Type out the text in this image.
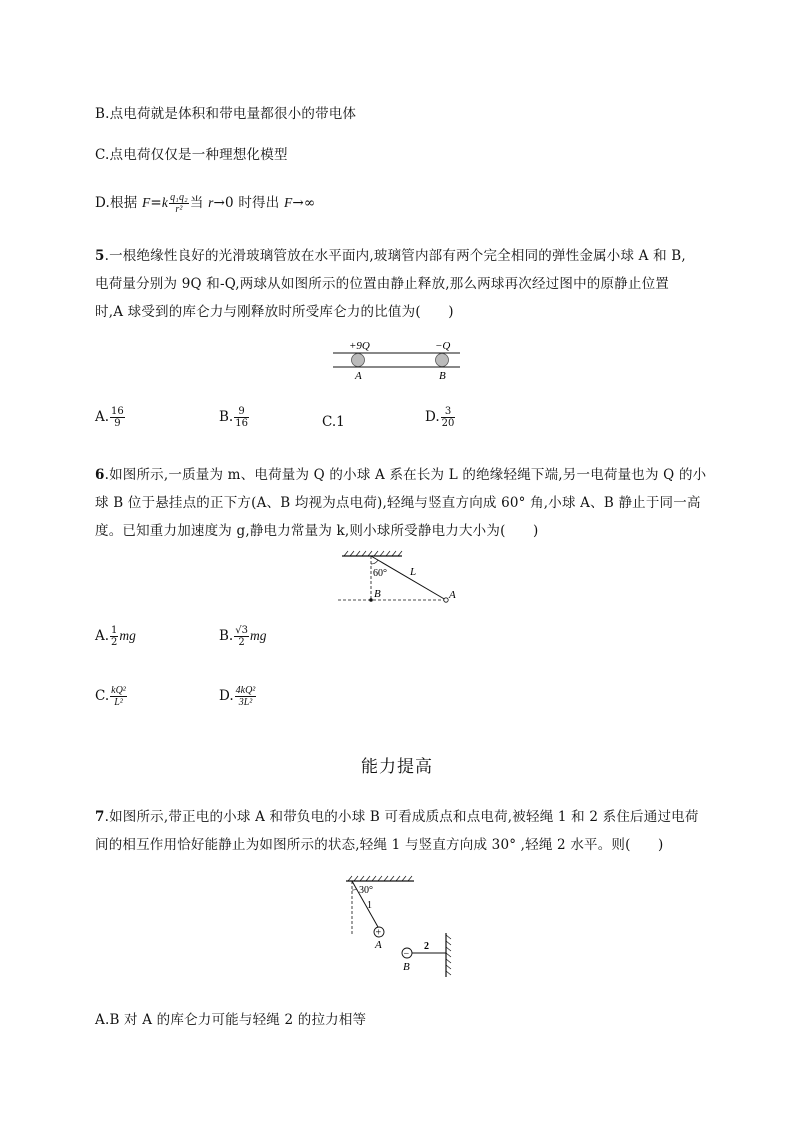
B.点电荷就是体积和带电量都很小的带电体
C.点电荷仅仅是一种理想化模型
D.根据 $F=k \frac{\text{q₁q₂}}{\text{r²}}$ 当 r→0 时得出 F→∞
5.一根绝缘性良好的光滑玻璃管放在水平面内,玻璃管内部有两个完全相同的弹性金属小球 A 和 B,
电荷量分别为 9Q 和-Q,两球从如图所示的位置由静止释放,那么两球再次经过图中的原静止位置
时,A 球受到的库仑力与刚释放时所受库仑力的比值为(　　)
+9Q	−Q
A	B
A. $\frac{16}{9}$	B. $\frac{9}{16}$	C.1	D. $\frac{3}{20}$
6.如图所示,一质量为 m、电荷量为 Q 的小球 A 系在长为 L 的绝缘轻绳下端,另一电荷量也为 Q 的小
球 B 位于悬挂点的正下方(A、B 均视为点电荷),轻绳与竖直方向成 60° 角,小球 A、B 静止于同一高
度。已知重力加速度为 g,静电力常量为 k,则小球所受静电力大小为(　　)
60° L
B	A
A. $\frac{1}{2}$ mg	B. $\frac{√3}{2}$ mg
C. $\frac{\text{kQ²}}{\text{L²}}$	D. $\frac{\text{4kQ²}}{\text{3L²}}$
能力提高
7.如图所示,带正电的小球 A 和带负电的小球 B 可看成质点和点电荷,被轻绳 1 和 2 系住后通过电荷
间的相互作用恰好能静止为如图所示的状态,轻绳 1 与竖直方向成 30° ,轻绳 2 水平。则(　　)
+
−
30°
1
2
A
B
A.B 对 A 的库仑力可能与轻绳 2 的拉力相等
